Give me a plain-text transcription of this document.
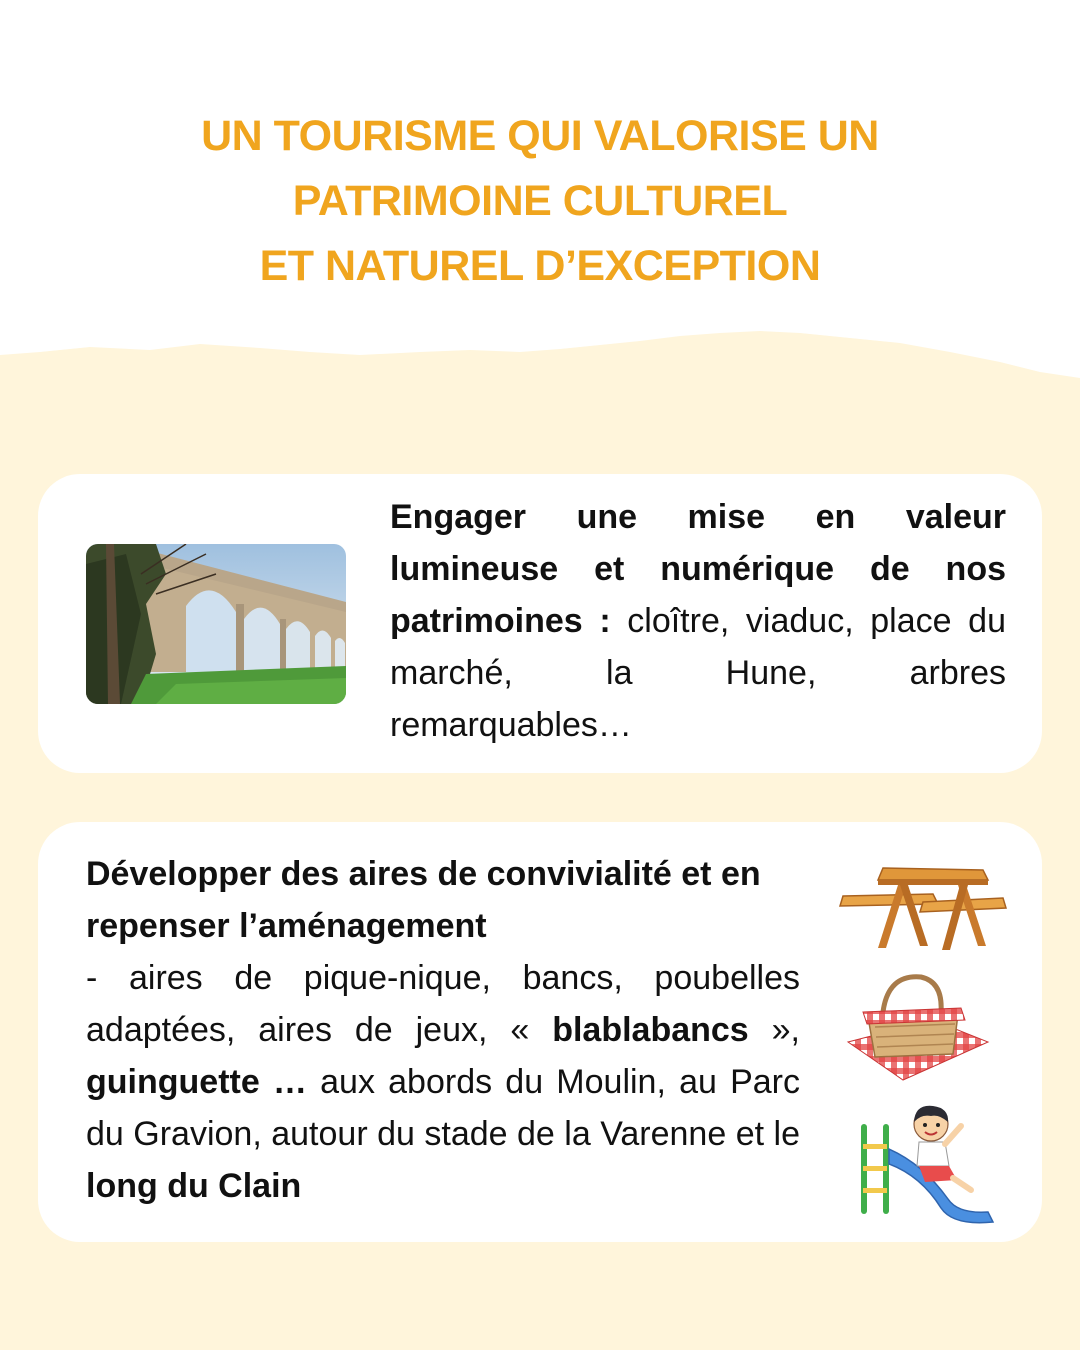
UN TOURISME QUI VALORISE UN
PATRIMOINE CULTUREL
ET NATUREL D’EXCEPTION
Engager une mise en valeur lumineuse et numérique de nos patrimoines : cloître, viaduc, place du marché, la Hune, arbres remarquables…
Développer des aires de convivialité et en repenser l’aménagement
- aires de pique-nique, bancs, poubelles adaptées, aires de jeux, « blablabancs », guinguette … aux abords du Moulin, au Parc du Gravion, autour du stade de la Varenne et le long du Clain
